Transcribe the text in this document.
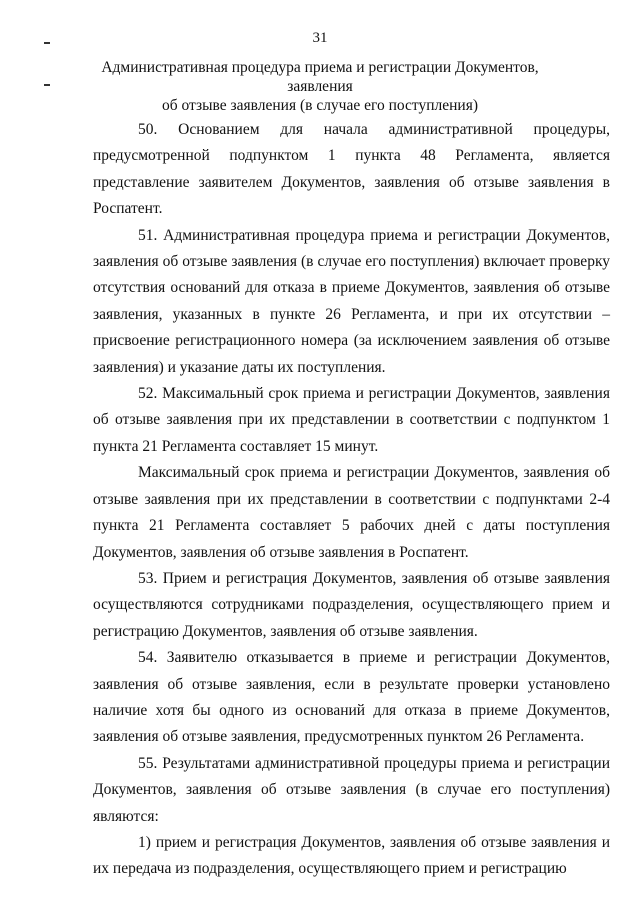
31
Административная процедура приема и регистрации Документов, заявления
об отзыве заявления (в случае его поступления)

50. Основанием для начала административной процедуры, предусмотренной подпунктом 1 пункта 48 Регламента, является представление заявителем Документов, заявления об отзыве заявления в Роспатент.

51. Административная процедура приема и регистрации Документов, заявления об отзыве заявления (в случае его поступления) включает проверку отсутствия оснований для отказа в приеме Документов, заявления об отзыве заявления, указанных в пункте 26 Регламента, и при их отсутствии – присвоение регистрационного номера (за исключением заявления об отзыве заявления) и указание даты их поступления.

52. Максимальный срок приема и регистрации Документов, заявления об отзыве заявления при их представлении в соответствии с подпунктом 1 пункта 21 Регламента составляет 15 минут.

Максимальный срок приема и регистрации Документов, заявления об отзыве заявления при их представлении в соответствии с подпунктами 2-4 пункта 21 Регламента составляет 5 рабочих дней с даты поступления Документов, заявления об отзыве заявления в Роспатент.

53. Прием и регистрация Документов, заявления об отзыве заявления осуществляются сотрудниками подразделения, осуществляющего прием и регистрацию Документов, заявления об отзыве заявления.

54. Заявителю отказывается в приеме и регистрации Документов, заявления об отзыве заявления, если в результате проверки установлено наличие хотя бы одного из оснований для отказа в приеме Документов, заявления об отзыве заявления, предусмотренных пунктом 26 Регламента.

55. Результатами административной процедуры приема и регистрации Документов, заявления об отзыве заявления (в случае его поступления) являются:

1) прием и регистрация Документов, заявления об отзыве заявления и их передача из подразделения, осуществляющего прием и регистрацию
